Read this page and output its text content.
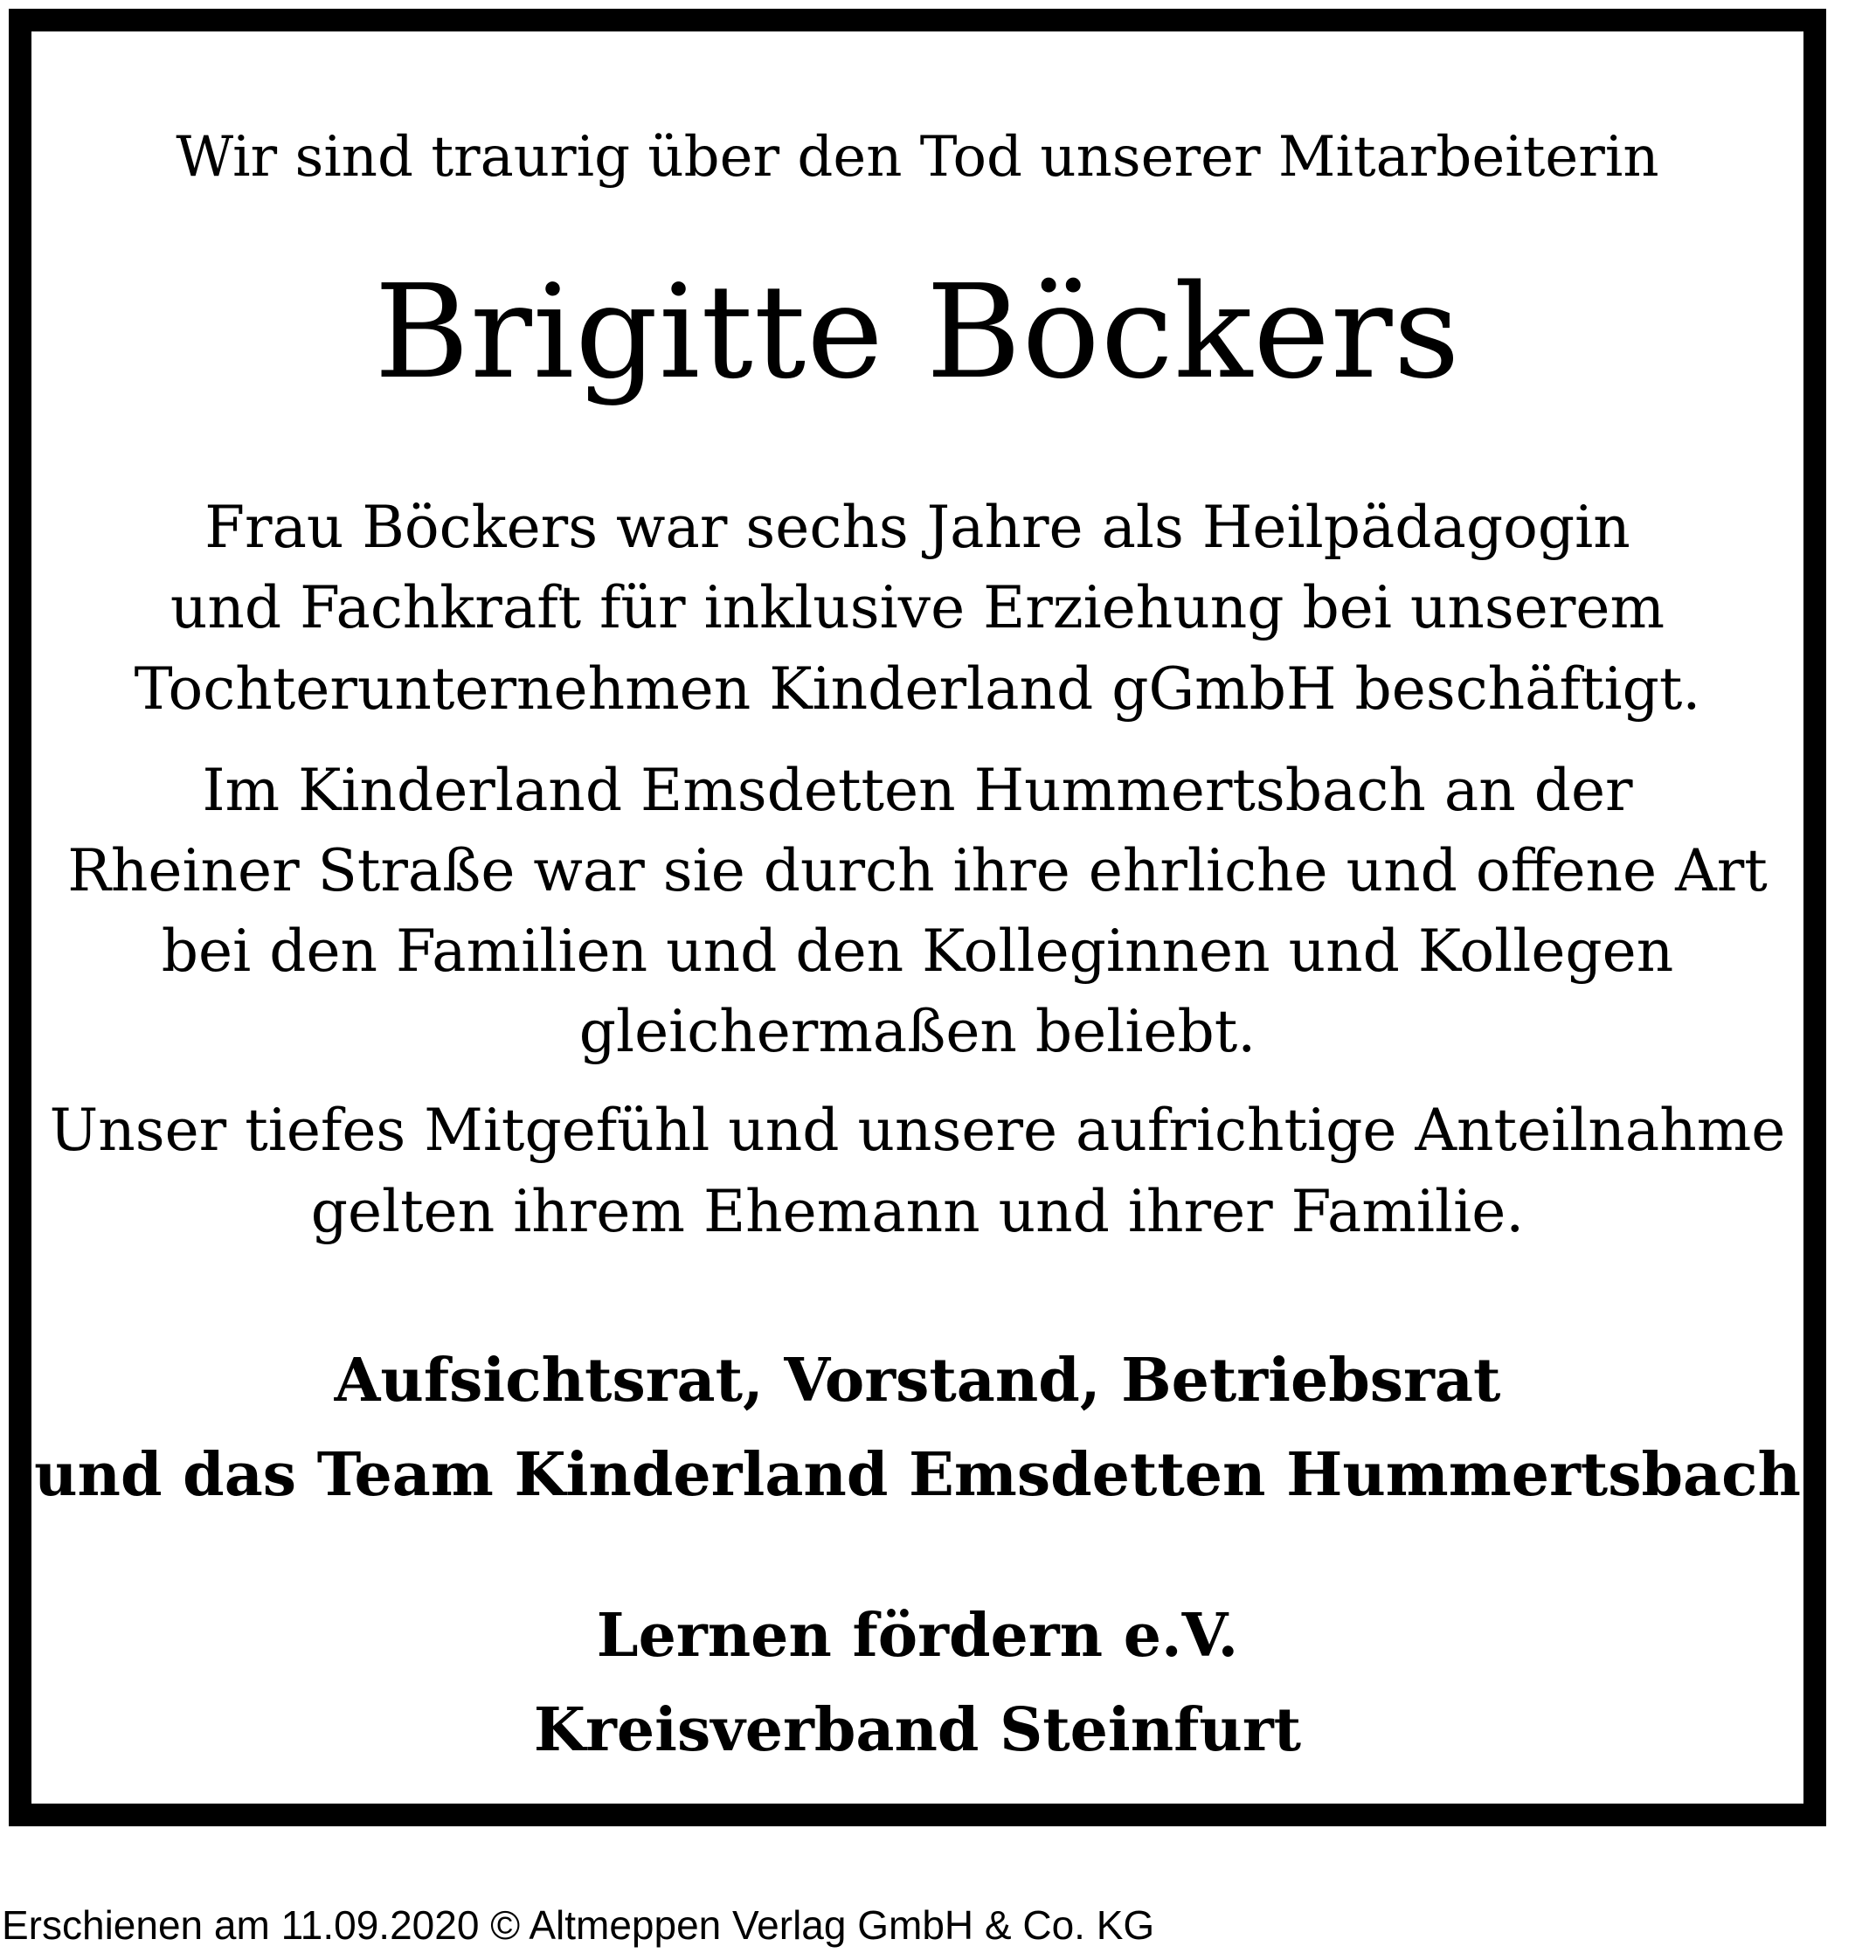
Wir sind traurig über den Tod unserer Mitarbeiterin
Brigitte Böckers
Frau Böckers war sechs Jahre als Heilpädagogin
und Fachkraft für inklusive Erziehung bei unserem
Tochterunternehmen Kinderland gGmbH beschäftigt.
Im Kinderland Emsdetten Hummertsbach an der
Rheiner Straße war sie durch ihre ehrliche und offene Art
bei den Familien und den Kolleginnen und Kollegen
gleichermaßen beliebt.
Unser tiefes Mitgefühl und unsere aufrichtige Anteilnahme
gelten ihrem Ehemann und ihrer Familie.
Aufsichtsrat, Vorstand, Betriebsrat
und das Team Kinderland Emsdetten Hummertsbach
Lernen fördern e.V.
Kreisverband Steinfurt
Erschienen am 11.09.2020 © Altmeppen Verlag GmbH & Co. KG
